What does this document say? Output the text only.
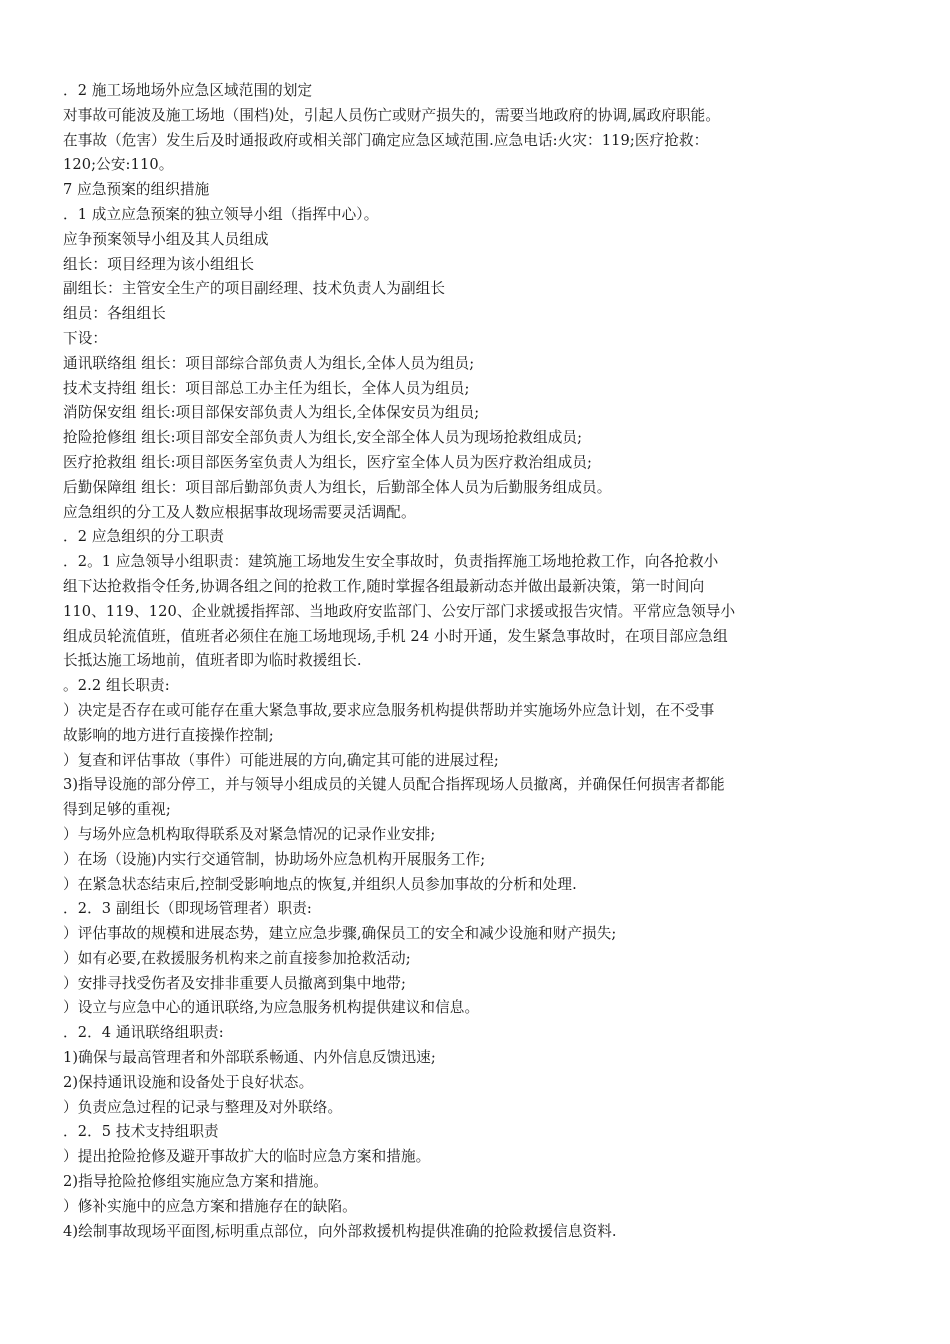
．2 施工场地场外应急区域范围的划定
对事故可能波及施工场地（围档)处，引起人员伤亡或财产损失的，需要当地政府的协调,属政府职能。
在事故（危害）发生后及时通报政府或相关部门确定应急区域范围.应急电话:火灾：119;医疗抢救：
120;公安:110。
7 应急预案的组织措施
．1 成立应急预案的独立领导小组（指挥中心）。
应争预案领导小组及其人员组成
组长：项目经理为该小组组长
副组长：主管安全生产的项目副经理、技术负责人为副组长
组员：各组组长
下设：
通讯联络组 组长：项目部综合部负责人为组长,全体人员为组员;
技术支持组 组长：项目部总工办主任为组长，全体人员为组员;
消防保安组 组长:项目部保安部负责人为组长,全体保安员为组员;
抢险抢修组 组长:项目部安全部负责人为组长,安全部全体人员为现场抢救组成员;
医疗抢救组 组长:项目部医务室负责人为组长，医疗室全体人员为医疗救治组成员;
后勤保障组 组长：项目部后勤部负责人为组长，后勤部全体人员为后勤服务组成员。
应急组织的分工及人数应根据事故现场需要灵活调配。
．2 应急组织的分工职责
．2。1 应急领导小组职责：建筑施工场地发生安全事故时，负责指挥施工场地抢救工作，向各抢救小
组下达抢救指令任务,协调各组之间的抢救工作,随时掌握各组最新动态并做出最新决策，第一时间向
110、119、120、企业就援指挥部、当地政府安监部门、公安厅部门求援或报告灾情。平常应急领导小
组成员轮流值班，值班者必须住在施工场地现场,手机 24 小时开通，发生紧急事故时，在项目部应急组
长抵达施工场地前，值班者即为临时救援组长.
。2.2 组长职责:
）决定是否存在或可能存在重大紧急事故,要求应急服务机构提供帮助并实施场外应急计划，在不受事
故影响的地方进行直接操作控制;
）复查和评估事故（事件）可能进展的方向,确定其可能的进展过程;
3)指导设施的部分停工，并与领导小组成员的关键人员配合指挥现场人员撤离，并确保任何损害者都能
得到足够的重视;
）与场外应急机构取得联系及对紧急情况的记录作业安排;
）在场（设施)内实行交通管制，协助场外应急机构开展服务工作;
）在紧急状态结束后,控制受影响地点的恢复,并组织人员参加事故的分析和处理.
．2．3 副组长（即现场管理者）职责:
）评估事故的规模和进展态势，建立应急步骤,确保员工的安全和减少设施和财产损失;
）如有必要,在救援服务机构来之前直接参加抢救活动;
）安排寻找受伤者及安排非重要人员撤离到集中地带;
）设立与应急中心的通讯联络,为应急服务机构提供建议和信息。
．2．4 通讯联络组职责:
1)确保与最高管理者和外部联系畅通、内外信息反馈迅速;
2)保持通讯设施和设备处于良好状态。
）负责应急过程的记录与整理及对外联络。
．2．5 技术支持组职责
）提出抢险抢修及避开事故扩大的临时应急方案和措施。
2)指导抢险抢修组实施应急方案和措施。
）修补实施中的应急方案和措施存在的缺陷。
4)绘制事故现场平面图,标明重点部位，向外部救援机构提供准确的抢险救援信息资料.
